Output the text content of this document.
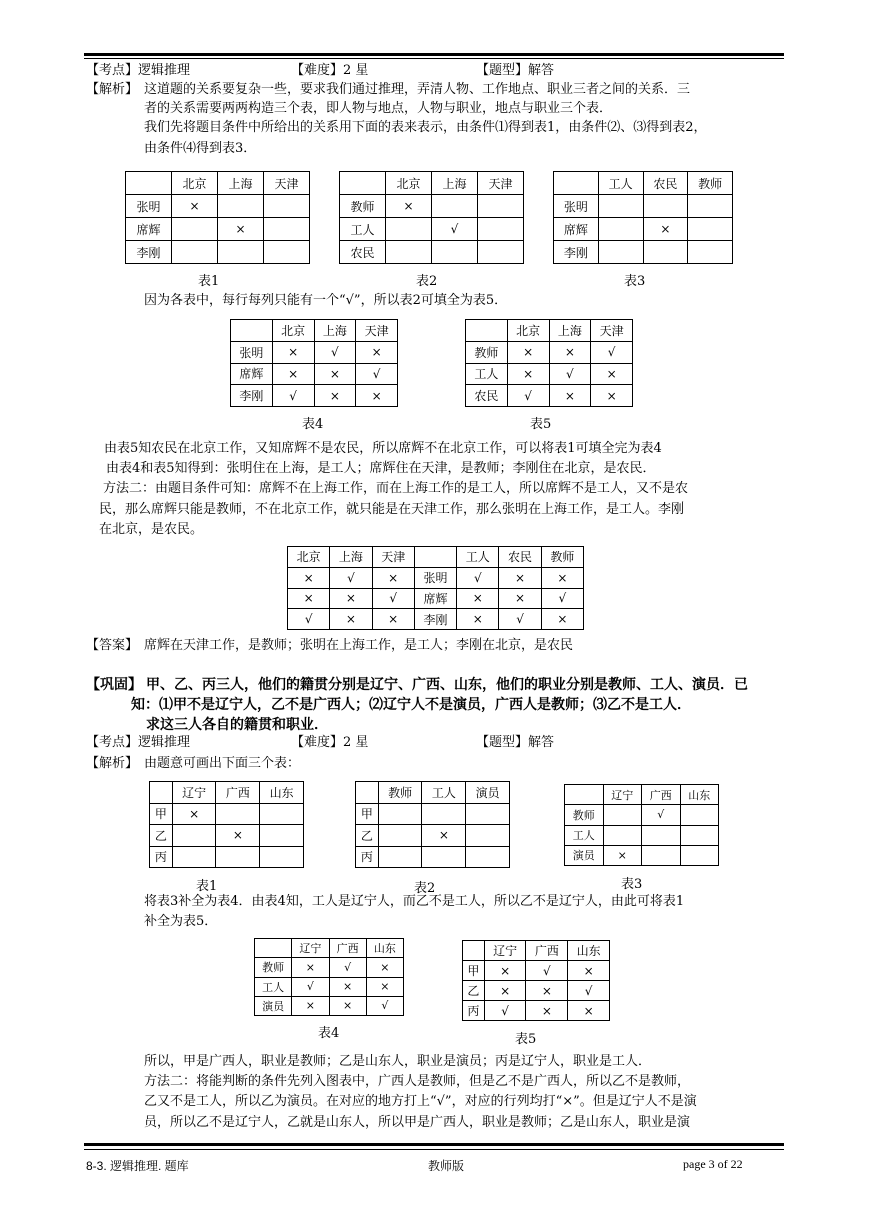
【考点】逻辑推理	【难度】2 星	【题型】解答
【解析】 这道题的关系要复杂一些，要求我们通过推理，弄清人物、工作地点、职业三者之间的关系．三
者的关系需要两两构造三个表，即人物与地点，人物与职业，地点与职业三个表．
我们先将题目条件中所给出的关系用下面的表来表示，由条件⑴得到表1，由条件⑵、⑶得到表2，
由条件⑷得到表3．
	北京	上海	天津
张明	×		
席辉		×	
李刚			
表1
	北京	上海	天津
教师	×		
工人		√	
农民			
表2
	工人	农民	教师
张明			
席辉		×	
李刚			
表3
因为各表中，每行每列只能有一个“√”，所以表2可填全为表5．
	北京	上海	天津
张明	×	√	×
席辉	×	×	√
李刚	√	×	×
表4
	北京	上海	天津
教师	×	×	√
工人	×	√	×
农民	√	×	×
表5
由表5知农民在北京工作，又知席辉不是农民，所以席辉不在北京工作，可以将表1可填全完为表4
由表4和表5知得到：张明住在上海，是工人；席辉住在天津，是教师；李刚住在北京，是农民．
方法二：由题目条件可知：席辉不在上海工作，而在上海工作的是工人，所以席辉不是工人，又不是农
民，那么席辉只能是教师，不在北京工作，就只能是在天津工作，那么张明在上海工作，是工人。李刚
在北京，是农民。
北京	上海	天津		工人	农民	教师
×	√	×	张明	√	×	×
×	×	√	席辉	×	×	√
√	×	×	李刚	×	√	×
【答案】 席辉在天津工作，是教师；张明在上海工作，是工人；李刚在北京，是农民
【巩固】 甲、乙、丙三人，他们的籍贯分别是辽宁、广西、山东，他们的职业分别是教师、工人、演员．已
知：⑴甲不是辽宁人，乙不是广西人；⑵辽宁人不是演员，广西人是教师；⑶乙不是工人．
求这三人各自的籍贯和职业．
【考点】逻辑推理	【难度】2 星	【题型】解答
【解析】 由题意可画出下面三个表：
	辽宁	广西	山东
甲	×		
乙		×	
丙			
表1
	教师	工人	演员
甲			
乙		×	
丙			
表2
	辽宁	广西	山东
教师		√	
工人			
演员	×		
表3
将表3补全为表4．由表4知，工人是辽宁人，而乙不是工人，所以乙不是辽宁人，由此可将表1
补全为表5．
	辽宁	广西	山东
教师	×	√	×
工人	√	×	×
演员	×	×	√
表4
	辽宁	广西	山东
甲	×	√	×
乙	×	×	√
丙	√	×	×
表5
所以，甲是广西人，职业是教师；乙是山东人，职业是演员；丙是辽宁人，职业是工人．
方法二：将能判断的条件先列入图表中，广西人是教师，但是乙不是广西人，所以乙不是教师，
乙又不是工人，所以乙为演员。在对应的地方打上“√”，对应的行列均打“×”。但是辽宁人不是演
员，所以乙不是辽宁人，乙就是山东人，所以甲是广西人，职业是教师；乙是山东人，职业是演
8-3. 逻辑推理. 题库	教师版	page 3 of 22
